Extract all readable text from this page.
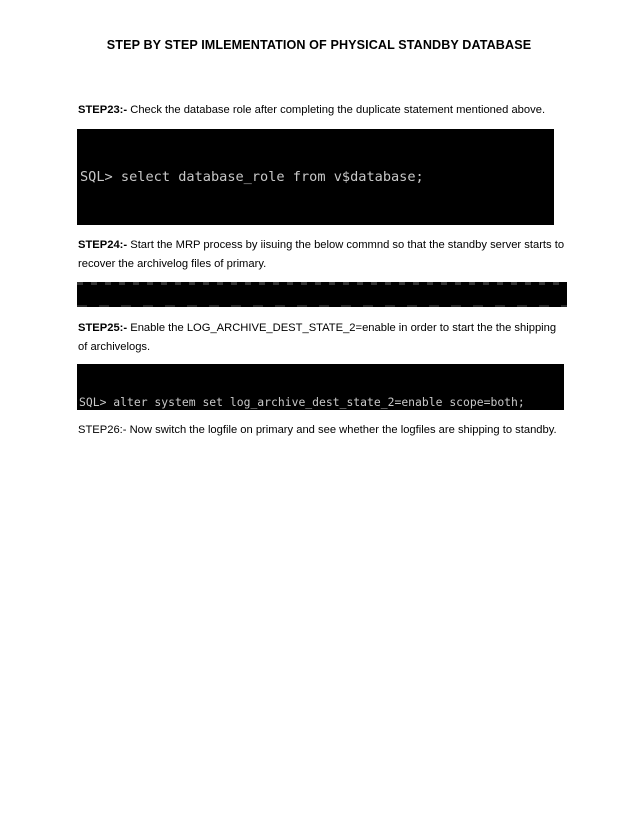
STEP BY STEP IMLEMENTATION OF PHYSICAL STANDBY DATABASE
STEP23:- Check the database role after completing the duplicate statement mentioned above.

SQL> select database_role from v$database;

STEP24:- Start the MRP process by iisuing the below commnd so that the standby server starts to recover the archivelog files of primary.

STEP25:- Enable the LOG_ARCHIVE_DEST_STATE_2=enable in order to start the the shipping of archivelogs.

SQL> alter system set log_archive_dest_state_2=enable scope=both;

STEP26:- Now switch the logfile on primary and see whether the logfiles are shipping to standby.
